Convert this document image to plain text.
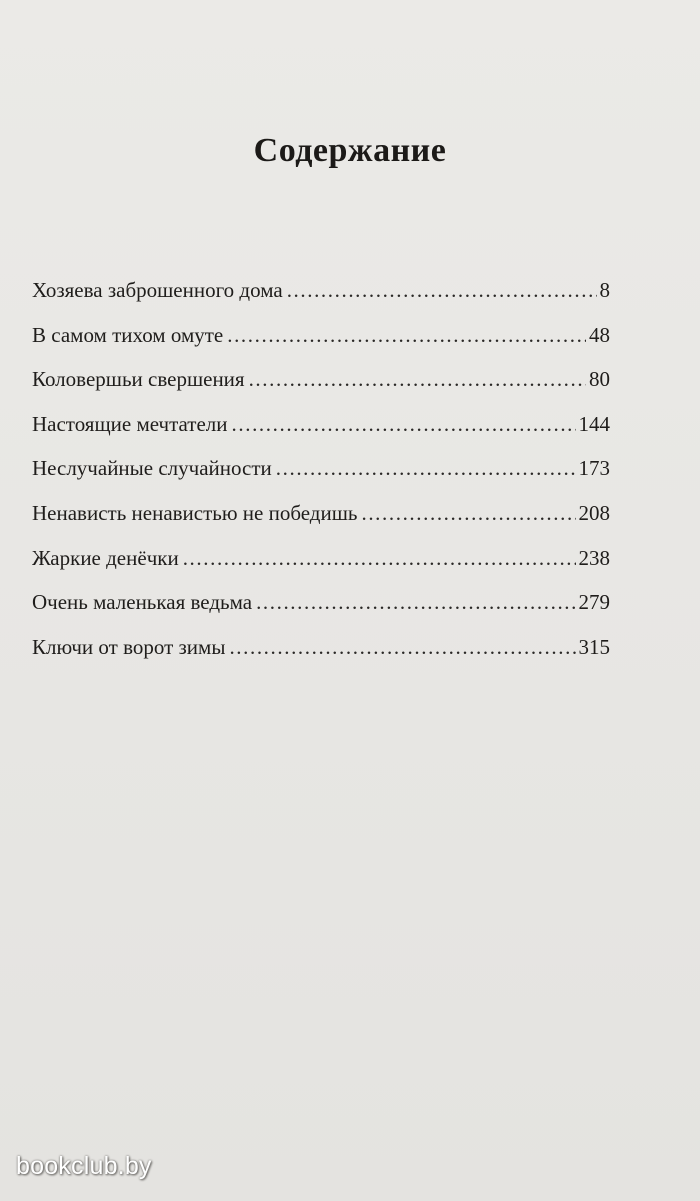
Содержание
Хозяева заброшенного дома .....	8
В самом тихом омуте .....	48
Коловершьи свершения .....	80
Настоящие мечтатели .....	144
Неслучайные случайности .....	173
Ненависть ненавистью не победишь .....	208
Жаркие денёчки .....	238
Очень маленькая ведьма .....	279
Ключи от ворот зимы .....	315
bookclub.by
